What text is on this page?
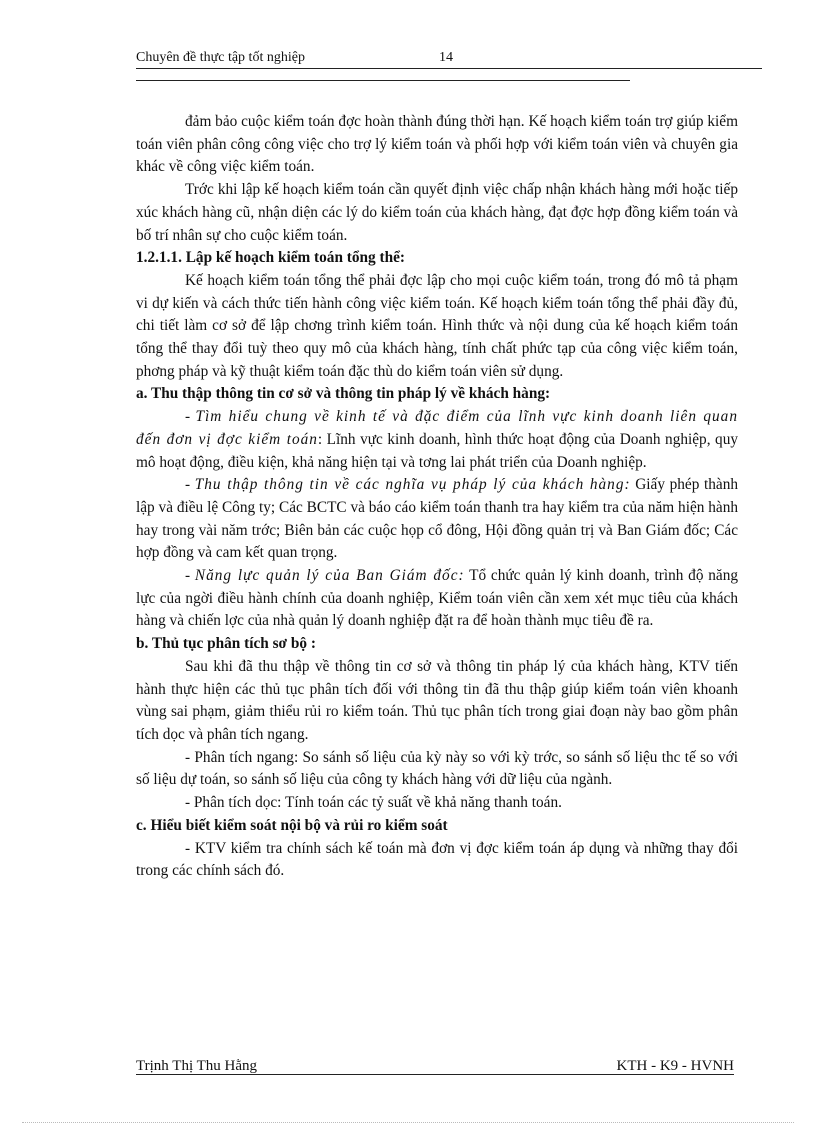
Chuyên đề thực tập tốt nghiệp	14

đảm bảo cuộc kiểm toán đợc hoàn thành đúng thời hạn. Kế hoạch kiểm toán trợ giúp kiểm toán viên phân công công việc cho trợ lý kiểm toán và phối hợp với kiểm toán viên và chuyên gia khác về công việc kiểm toán.

Trớc khi lập kế hoạch kiểm toán cần quyết định việc chấp nhận khách hàng mới hoặc tiếp xúc khách hàng cũ, nhận diện các lý do kiểm toán của khách hàng, đạt đợc hợp đồng kiểm toán và bố trí nhân sự cho cuộc kiểm toán.

1.2.1.1. Lập kế hoạch kiểm toán tổng thể:

Kế hoạch kiểm toán tổng thể phải đợc lập cho mọi cuộc kiểm toán, trong đó mô tả phạm vi dự kiến và cách thức tiến hành công việc kiểm toán. Kế hoạch kiểm toán tổng thể phải đầy đủ, chi tiết làm cơ sở để lập chơng trình kiểm toán. Hình thức và nội dung của kế hoạch kiểm toán tổng thể thay đổi tuỳ theo quy mô của khách hàng, tính chất phức tạp của công việc kiểm toán, phơng pháp và kỹ thuật kiểm toán đặc thù do kiểm toán viên sử dụng.

a. Thu thập thông tin cơ sở và thông tin pháp lý về khách hàng:

- Tìm hiểu chung về kinh tế và đặc điểm của lĩnh vực kinh doanh liên quan đến đơn vị đợc kiểm toán: Lĩnh vực kinh doanh, hình thức hoạt động của Doanh nghiệp, quy mô hoạt động, điều kiện, khả năng hiện tại và tơng lai phát triển của Doanh nghiệp.

- Thu thập thông tin về các nghĩa vụ pháp lý của khách hàng: Giấy phép thành lập và điều lệ Công ty; Các BCTC và báo cáo kiểm toán thanh tra hay kiểm tra của năm hiện hành hay trong vài năm trớc; Biên bản các cuộc họp cổ đông, Hội đồng quản trị và Ban Giám đốc; Các hợp đồng và cam kết quan trọng.

- Năng lực quản lý của Ban Giám đốc: Tổ chức quản lý kinh doanh, trình độ năng lực của ngời điều hành chính của doanh nghiệp, Kiểm toán viên cần xem xét mục tiêu của khách hàng và chiến lợc của nhà quản lý doanh nghiệp đặt ra để hoàn thành mục tiêu đề ra.

b. Thủ tục phân tích sơ bộ :

Sau khi đã thu thập về thông tin cơ sở và thông tin pháp lý của khách hàng, KTV tiến hành thực hiện các thủ tục phân tích đối với thông tin đã thu thập giúp kiểm toán viên khoanh vùng sai phạm, giảm thiểu rủi ro kiểm toán. Thủ tục phân tích trong giai đoạn này bao gồm phân tích dọc và phân tích ngang.

- Phân tích ngang: So sánh số liệu của kỳ này so với kỳ trớc, so sánh số liệu thc tế so với số liệu dự toán, so sánh số liệu của công ty khách hàng với dữ liệu của ngành.

- Phân tích dọc: Tính toán các tỷ suất về khả năng thanh toán.

c. Hiểu biết kiểm soát nội bộ và rủi ro kiểm soát

- KTV kiểm tra chính sách kế toán mà đơn vị đợc kiểm toán áp dụng và những thay đổi trong các chính sách đó.

Trịnh Thị Thu Hằng	KTH - K9 - HVNH
